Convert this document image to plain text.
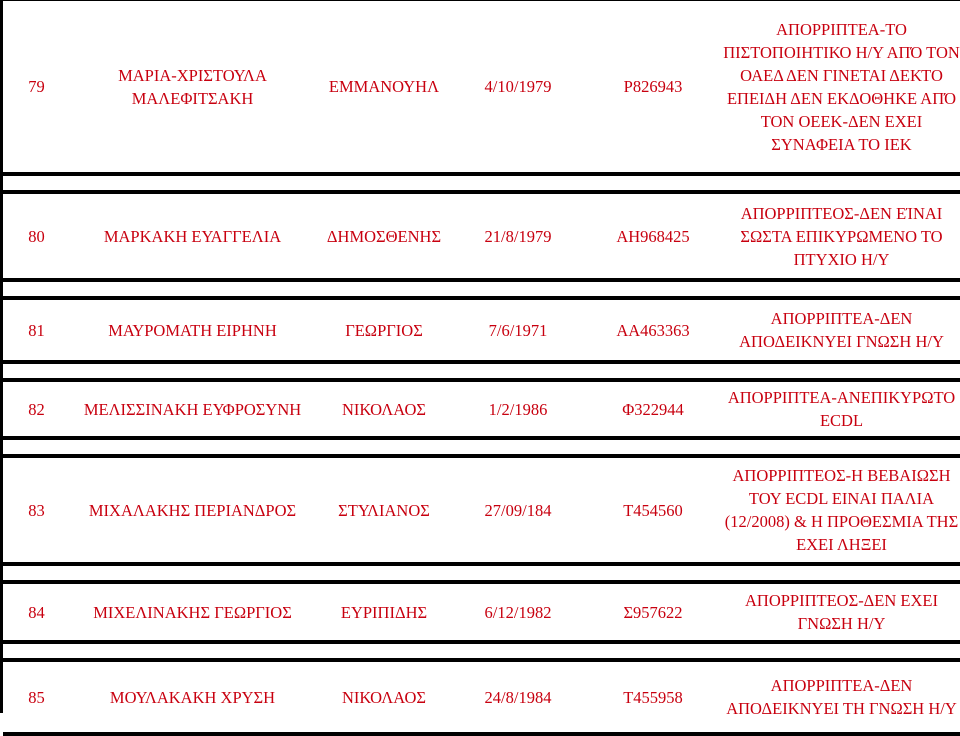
79	ΜΑΡΙΑ-ΧΡΙΣΤΟΥΛΑ ΜΑΛΕΦΙΤΣΑΚΗ	ΕΜΜΑΝΟΥΗΛ	4/10/1979	Ρ826943	ΑΠΟΡΡΙΠΤΕΑ-ΤΟ ΠΙΣΤΟΠΟΙΗΤΙΚΟ Η/Υ ΑΠΌ ΤΟΝ ΟΑΕΔ ΔΕΝ ΓΙΝΕΤΑΙ ΔΕΚΤΟ ΕΠΕΙΔΗ ΔΕΝ ΕΚΔΟΘΗΚΕ ΑΠΌ ΤΟΝ ΟΕΕΚ-ΔΕΝ ΕΧΕΙ ΣΥΝΑΦΕΙΑ ΤΟ ΙΕΚ

80	ΜΑΡΚΑΚΗ ΕΥΑΓΓΕΛΙΑ	ΔΗΜΟΣΘΕΝΗΣ	21/8/1979	ΑΗ968425	ΑΠΟΡΡΙΠΤΕΟΣ-ΔΕΝ ΕΊΝΑΙ ΣΩΣΤΑ ΕΠΙΚΥΡΩΜΕΝΟ ΤΟ ΠΤΥΧΙΟ Η/Υ

81	ΜΑΥΡΟΜΑΤΗ ΕΙΡΗΝΗ	ΓΕΩΡΓΙΟΣ	7/6/1971	ΑΑ463363	ΑΠΟΡΡΙΠΤΕΑ-ΔΕΝ ΑΠΟΔΕΙΚΝΥΕΙ ΓΝΩΣΗ Η/Υ

82	ΜΕΛΙΣΣΙΝΑΚΗ ΕΥΦΡΟΣΥΝΗ	ΝΙΚΟΛΑΟΣ	1/2/1986	Φ322944	ΑΠΟΡΡΙΠΤΕΑ-ΑΝΕΠΙΚΥΡΩΤΟ ECDL

83	ΜΙΧΑΛΑΚΗΣ ΠΕΡΙΑΝΔΡΟΣ	ΣΤΥΛΙΑΝΟΣ	27/09/184	Τ454560	ΑΠΟΡΡΙΠΤΕΟΣ-Η ΒΕΒΑΙΩΣΗ ΤΟΥ ECDL ΕΙΝΑΙ ΠΑΛΙΑ (12/2008) & Η ΠΡΟΘΕΣΜΙΑ ΤΗΣ ΕΧΕΙ ΛΗΞΕΙ

84	ΜΙΧΕΛΙΝΑΚΗΣ ΓΕΩΡΓΙΟΣ	ΕΥΡΙΠΙΔΗΣ	6/12/1982	Σ957622	ΑΠΟΡΡΙΠΤΕΟΣ-ΔΕΝ ΕΧΕΙ ΓΝΩΣΗ Η/Υ

85	ΜΟΥΛΑΚΑΚΗ ΧΡΥΣΗ	ΝΙΚΟΛΑΟΣ	24/8/1984	Τ455958	ΑΠΟΡΡΙΠΤΕΑ-ΔΕΝ ΑΠΟΔΕΙΚΝΥΕΙ ΤΗ ΓΝΩΣΗ Η/Υ
